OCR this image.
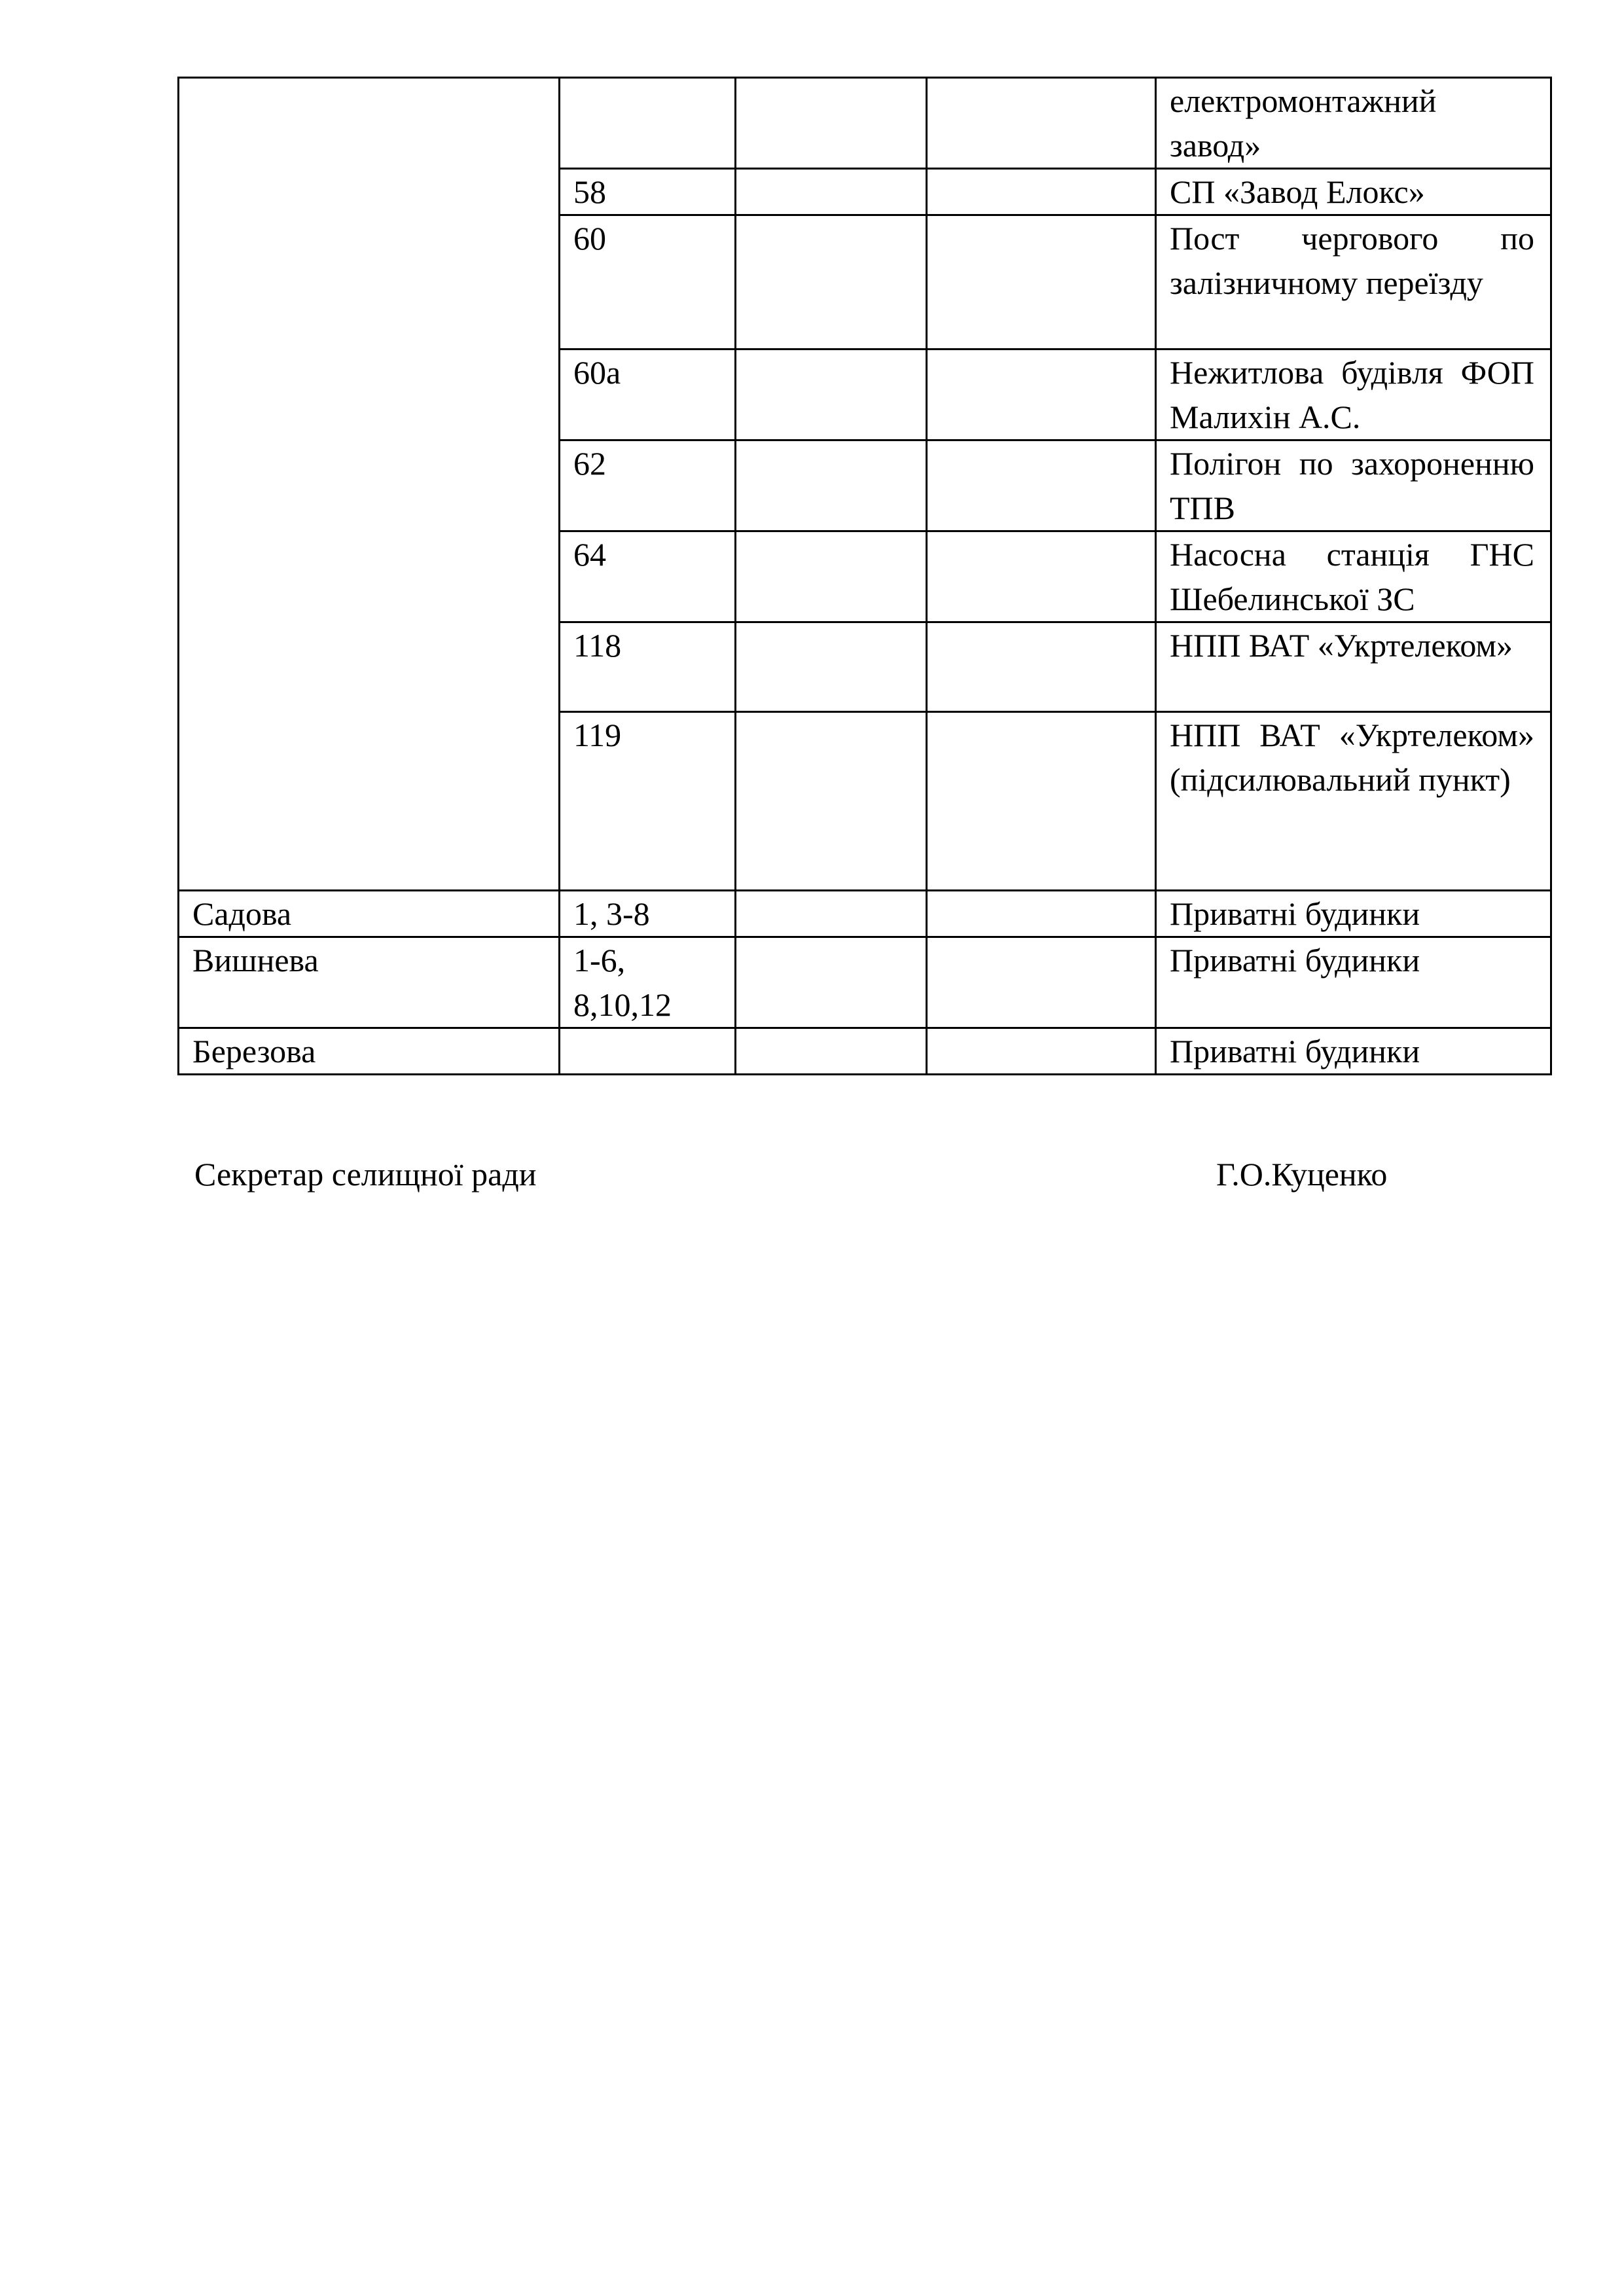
				електромонтажний завод»
	58			СП «Завод Елокс»
	60			Пост чергового по залізничному переїзду
	60а			Нежитлова будівля ФОП Малихін А.С.
	62			Полігон по захороненню ТПВ
	64			Насосна станція ГНС Шебелинської ЗС
	118			НПП ВАТ «Укртелеком»
	119			НПП ВАТ «Укртелеком» (підсилювальний пункт)
Садова	1, 3-8			Приватні будинки
Вишнева	1-6, 8,10,12			Приватні будинки
Березова				Приватні будинки
Секретар селищної ради	Г.О.Куценко
